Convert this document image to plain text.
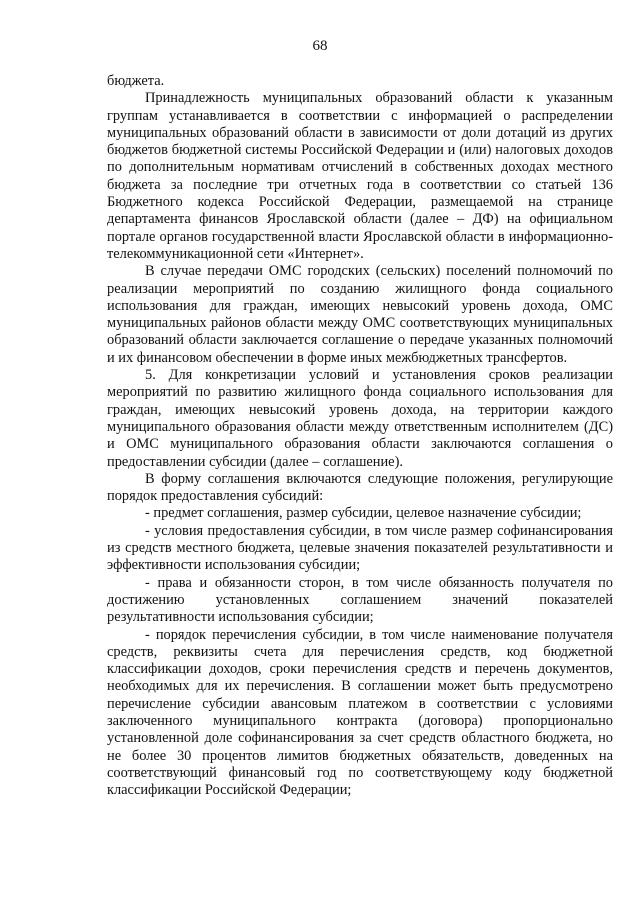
68

бюджета.

Принадлежность муниципальных образований области к указанным группам устанавливается в соответствии с информацией о распределении муниципальных образований области в зависимости от доли дотаций из других бюджетов бюджетной системы Российской Федерации и (или) налоговых доходов по дополнительным нормативам отчислений в собственных доходах местного бюджета за последние три отчетных года в соответствии со статьей 136 Бюджетного кодекса Российской Федерации, размещаемой на странице департамента финансов Ярославской области (далее – ДФ) на официальном портале органов государственной власти Ярославской области в информационно-телекоммуникационной сети «Интернет».

В случае передачи ОМС городских (сельских) поселений полномочий по реализации мероприятий по созданию жилищного фонда социального использования для граждан, имеющих невысокий уровень дохода, ОМС муниципальных районов области между ОМС соответствующих муниципальных образований области заключается соглашение о передаче указанных полномочий и их финансовом обеспечении в форме иных межбюджетных трансфертов.

5. Для конкретизации условий и установления сроков реализации мероприятий по развитию жилищного фонда социального использования для граждан, имеющих невысокий уровень дохода, на территории каждого муниципального образования области между ответственным исполнителем (ДС) и ОМС муниципального образования области заключаются соглашения о предоставлении субсидии (далее – соглашение).

В форму соглашения включаются следующие положения, регулирующие порядок предоставления субсидий:

- предмет соглашения, размер субсидии, целевое назначение субсидии;

- условия предоставления субсидии, в том числе размер софинансирования из средств местного бюджета, целевые значения показателей результативности и эффективности использования субсидии;

- права и обязанности сторон, в том числе обязанность получателя по достижению установленных соглашением значений показателей результативности использования субсидии;

- порядок перечисления субсидии, в том числе наименование получателя средств, реквизиты счета для перечисления средств, код бюджетной классификации доходов, сроки перечисления средств и перечень документов, необходимых для их перечисления. В соглашении может быть предусмотрено перечисление субсидии авансовым платежом в соответствии с условиями заключенного муниципального контракта (договора) пропорционально установленной доле софинансирования за счет средств областного бюджета, но не более 30 процентов лимитов бюджетных обязательств, доведенных на соответствующий финансовый год по соответствующему коду бюджетной классификации Российской Федерации;
